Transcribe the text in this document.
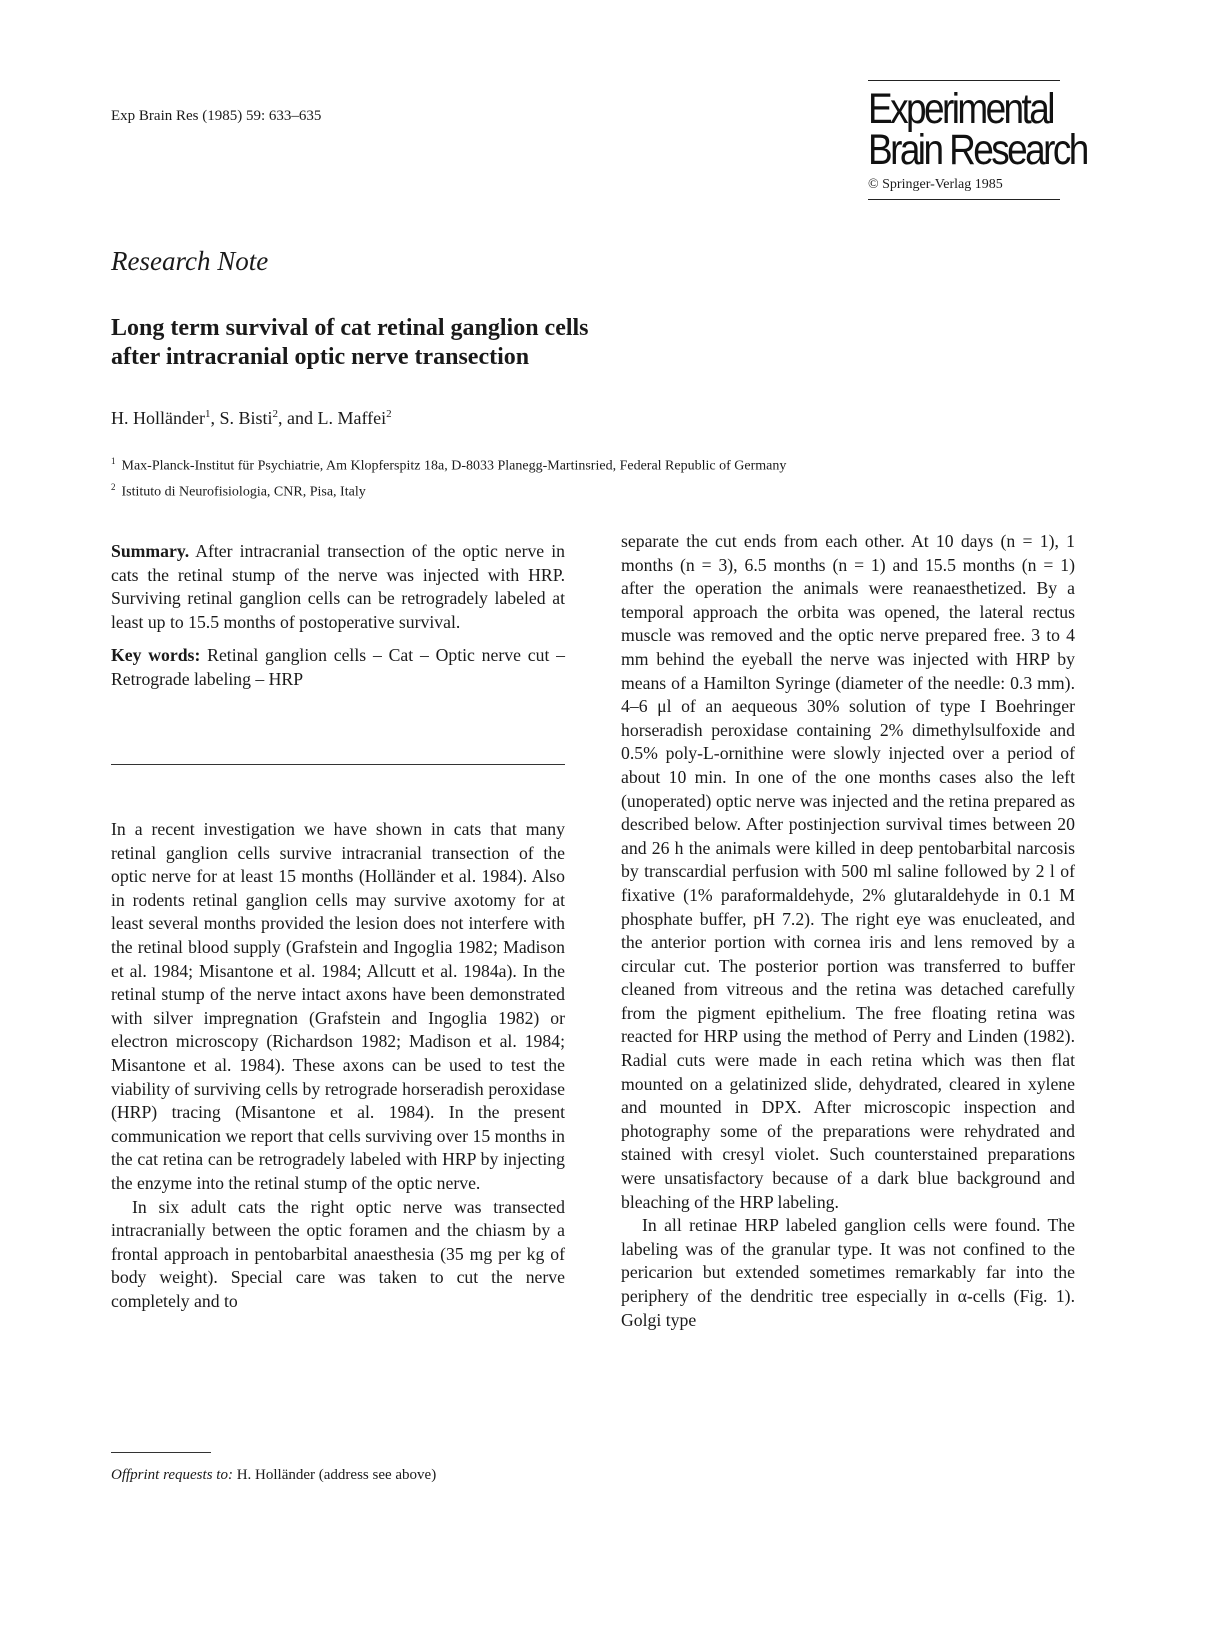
Exp Brain Res (1985) 59: 633–635	Experimental
Brain Research
© Springer-Verlag 1985
Research Note
Long term survival of cat retinal ganglion cells
after intracranial optic nerve transection
H. Holländer$^1$, S. Bisti$^2$, and L. Maffei$^2$
$^1$ Max-Planck-Institut für Psychiatrie, Am Klopferspitz 18a, D-8033 Planegg-Martinsried, Federal Republic of Germany
$^2$ Istituto di Neurofisiologia, CNR, Pisa, Italy

Summary. After intracranial transection of the optic nerve in cats the retinal stump of the nerve was injected with HRP. Surviving retinal ganglion cells can be retrogradely labeled at least up to 15.5 months of postoperative survival.

Key words: Retinal ganglion cells – Cat – Optic nerve cut – Retrograde labeling – HRP

In a recent investigation we have shown in cats that many retinal ganglion cells survive intracranial transection of the optic nerve for at least 15 months (Holländer et al. 1984). Also in rodents retinal ganglion cells may survive axotomy for at least several months provided the lesion does not interfere with the retinal blood supply (Grafstein and Ingoglia 1982; Madison et al. 1984; Misantone et al. 1984; Allcutt et al. 1984a). In the retinal stump of the nerve intact axons have been demonstrated with silver impregnation (Grafstein and Ingoglia 1982) or electron microscopy (Richardson 1982; Madison et al. 1984; Misantone et al. 1984). These axons can be used to test the viability of surviving cells by retrograde horseradish peroxidase (HRP) tracing (Misantone et al. 1984). In the present communication we report that cells surviving over 15 months in the cat retina can be retrogradely labeled with HRP by injecting the enzyme into the retinal stump of the optic nerve.

In six adult cats the right optic nerve was transected intracranially between the optic foramen and the chiasm by a frontal approach in pentobarbital anaesthesia (35 mg per kg of body weight). Special care was taken to cut the nerve completely and to

separate the cut ends from each other. At 10 days (n = 1), 1 months (n = 3), 6.5 months (n = 1) and 15.5 months (n = 1) after the operation the animals were reanaesthetized. By a temporal approach the orbita was opened, the lateral rectus muscle was removed and the optic nerve prepared free. 3 to 4 mm behind the eyeball the nerve was injected with HRP by means of a Hamilton Syringe (diameter of the needle: 0.3 mm). 4–6 μl of an aequeous 30% solution of type I Boehringer horseradish peroxidase containing 2% dimethylsulfoxide and 0.5% poly-L-ornithine were slowly injected over a period of about 10 min. In one of the one months cases also the left (unoperated) optic nerve was injected and the retina prepared as described below. After postinjection survival times between 20 and 26 h the animals were killed in deep pentobarbital narcosis by transcardial perfusion with 500 ml saline followed by 2 l of fixative (1% paraformaldehyde, 2% glutaraldehyde in 0.1 M phosphate buffer, pH 7.2). The right eye was enucleated, and the anterior portion with cornea iris and lens removed by a circular cut. The posterior portion was transferred to buffer cleaned from vitreous and the retina was detached carefully from the pigment epithelium. The free floating retina was reacted for HRP using the method of Perry and Linden (1982). Radial cuts were made in each retina which was then flat mounted on a gelatinized slide, dehydrated, cleared in xylene and mounted in DPX. After microscopic inspection and photography some of the preparations were rehydrated and stained with cresyl violet. Such counterstained preparations were unsatisfactory because of a dark blue background and bleaching of the HRP labeling.

In all retinae HRP labeled ganglion cells were found. The labeling was of the granular type. It was not confined to the pericarion but extended sometimes remarkably far into the periphery of the dendritic tree especially in α-cells (Fig. 1). Golgi type

Offprint requests to: H. Holländer (address see above)
